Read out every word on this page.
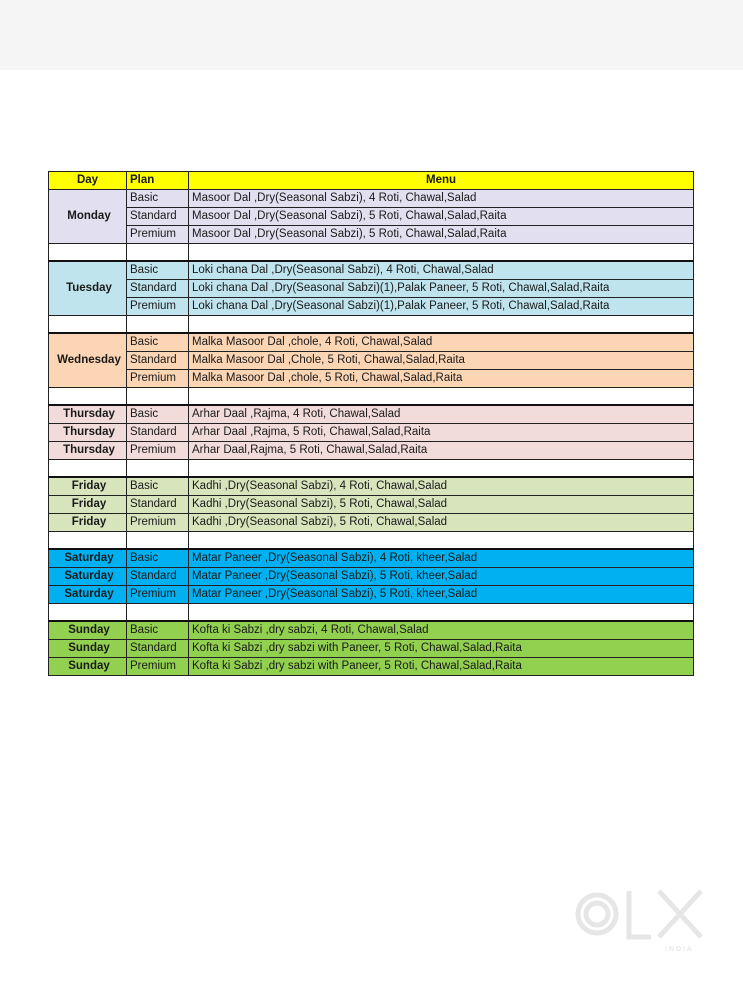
Day	Plan	Menu
Monday	Basic	Masoor Dal ,Dry(Seasonal Sabzi), 4 Roti, Chawal,Salad
	Standard	Masoor Dal ,Dry(Seasonal Sabzi), 5 Roti, Chawal,Salad,Raita
	Premium	Masoor Dal ,Dry(Seasonal Sabzi), 5 Roti, Chawal,Salad,Raita

Tuesday	Basic	Loki chana Dal ,Dry(Seasonal Sabzi), 4 Roti, Chawal,Salad
	Standard	Loki chana Dal ,Dry(Seasonal Sabzi)(1),Palak Paneer, 5 Roti, Chawal,Salad,Raita
	Premium	Loki chana Dal ,Dry(Seasonal Sabzi)(1),Palak Paneer, 5 Roti, Chawal,Salad,Raita

Wednesday	Basic	Malka Masoor Dal ,chole, 4 Roti, Chawal,Salad
	Standard	Malka Masoor Dal ,Chole, 5 Roti, Chawal,Salad,Raita
	Premium	Malka Masoor Dal ,chole, 5 Roti, Chawal,Salad,Raita

Thursday	Basic	Arhar Daal ,Rajma, 4 Roti, Chawal,Salad
Thursday	Standard	Arhar Daal ,Rajma, 5 Roti, Chawal,Salad,Raita
Thursday	Premium	Arhar Daal,Rajma, 5 Roti, Chawal,Salad,Raita

Friday	Basic	Kadhi ,Dry(Seasonal Sabzi), 4 Roti, Chawal,Salad
Friday	Standard	Kadhi ,Dry(Seasonal Sabzi), 5 Roti, Chawal,Salad
Friday	Premium	Kadhi ,Dry(Seasonal Sabzi), 5 Roti, Chawal,Salad

Saturday	Basic	Matar Paneer ,Dry(Seasonal Sabzi), 4 Roti, kheer,Salad
Saturday	Standard	Matar Paneer ,Dry(Seasonal Sabzi), 5 Roti, kheer,Salad
Saturday	Premium	Matar Paneer ,Dry(Seasonal Sabzi), 5 Roti, kheer,Salad

Sunday	Basic	Kofta ki Sabzi ,dry sabzi, 4 Roti, Chawal,Salad
Sunday	Standard	Kofta ki Sabzi ,dry sabzi with Paneer, 5 Roti, Chawal,Salad,Raita
Sunday	Premium	Kofta ki Sabzi ,dry sabzi with Paneer, 5 Roti, Chawal,Salad,Raita
INDIA
